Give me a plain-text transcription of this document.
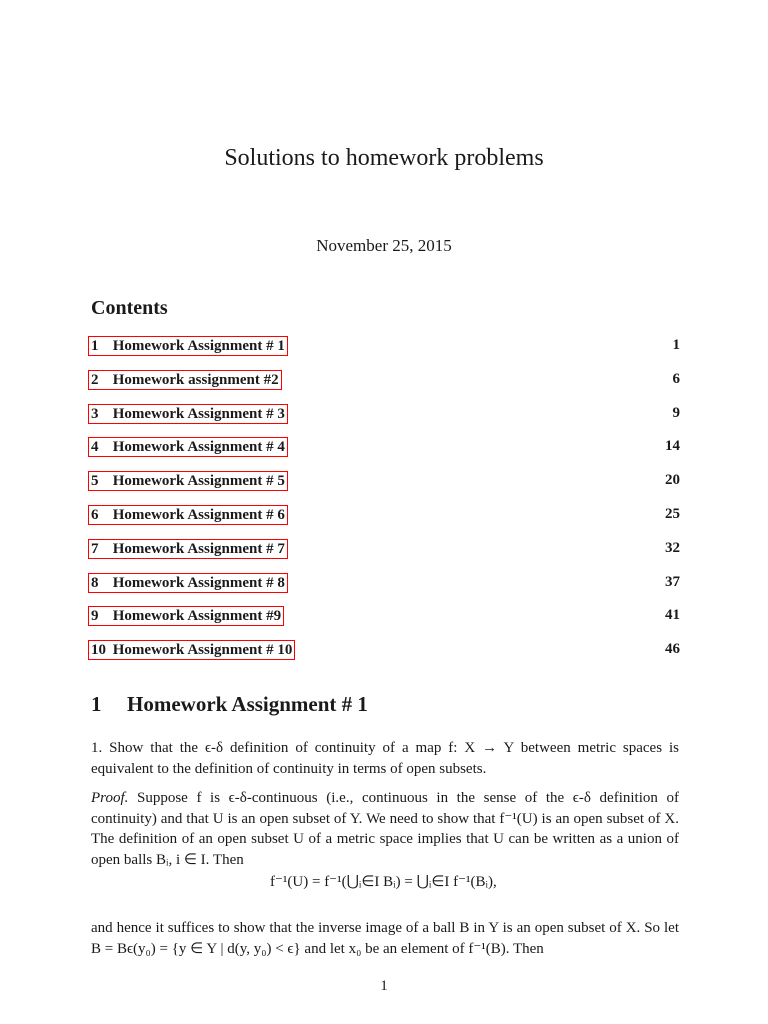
Solutions to homework problems
November 25, 2015
Contents
1 Homework Assignment # 1	1
2 Homework assignment #2	6
3 Homework Assignment # 3	9
4 Homework Assignment # 4	14
5 Homework Assignment # 5	20
6 Homework Assignment # 6	25
7 Homework Assignment # 7	32
8 Homework Assignment # 8	37
9 Homework Assignment #9	41
10 Homework Assignment # 10	46
1 Homework Assignment # 1
1. Show that the ϵ-δ definition of continuity of a map f: X → Y between metric spaces is equivalent to the definition of continuity in terms of open subsets.
Proof. Suppose f is ϵ-δ-continuous (i.e., continuous in the sense of the ϵ-δ definition of continuity) and that U is an open subset of Y. We need to show that f⁻¹(U) is an open subset of X. The definition of an open subset U of a metric space implies that U can be written as a union of open balls Bᵢ, i ∈ I. Then
f⁻¹(U) = f⁻¹(⋃ᵢ∈I Bᵢ) = ⋃ᵢ∈I f⁻¹(Bᵢ),
and hence it suffices to show that the inverse image of a ball B in Y is an open subset of X. So let B = Bϵ(y₀) = {y ∈ Y | d(y, y₀) < ϵ} and let x₀ be an element of f⁻¹(B). Then
1
